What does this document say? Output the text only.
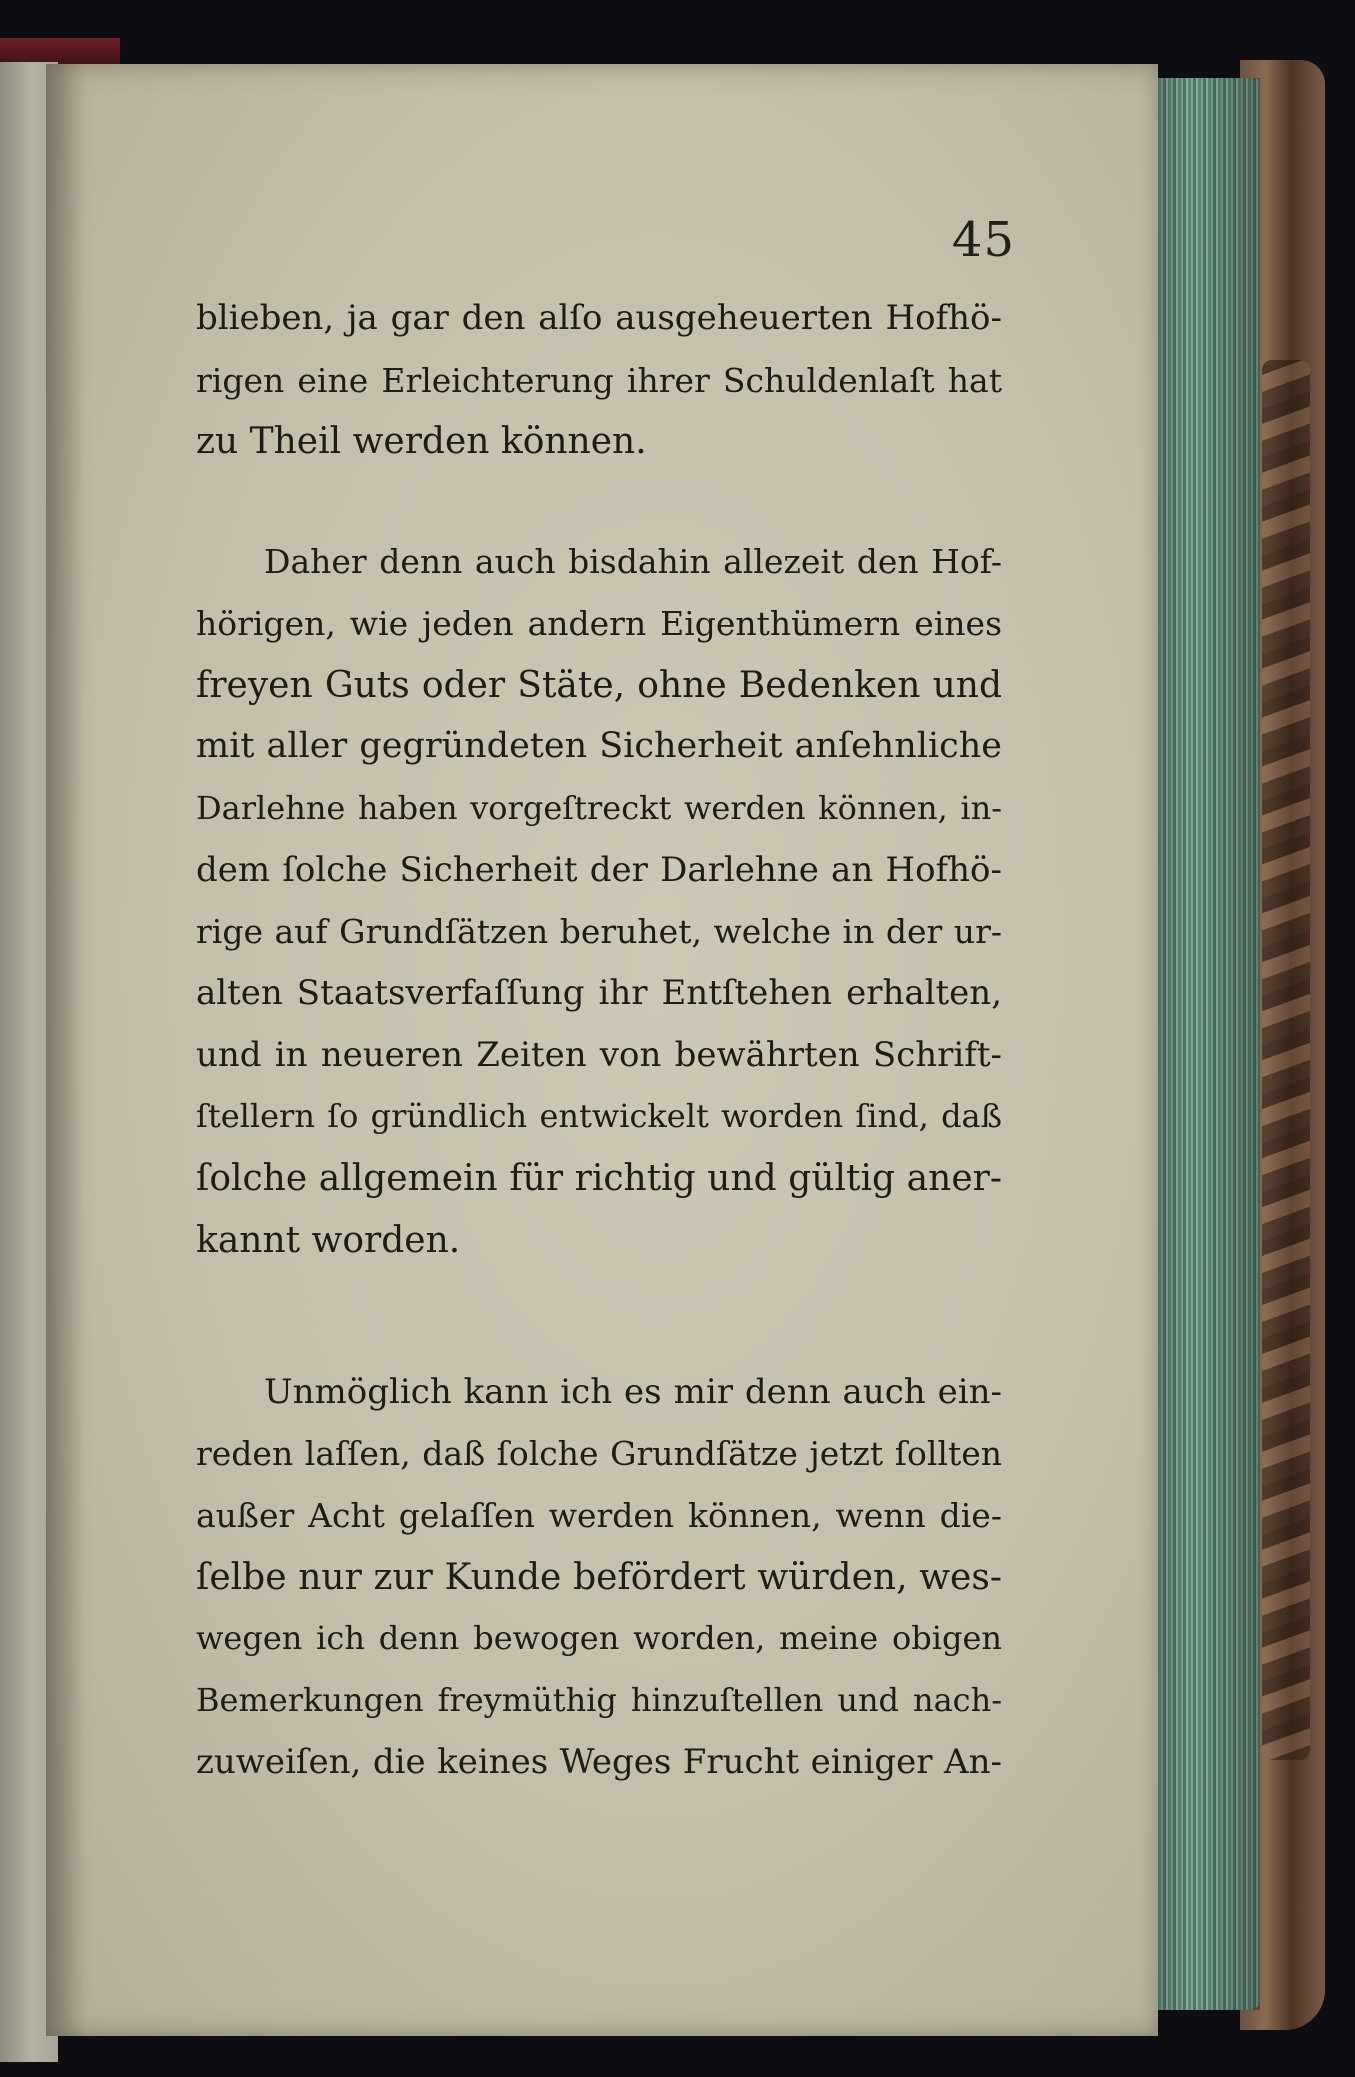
45
blieben, ja gar den alſo ausgeheuerten Hofhö-
rigen eine Erleichterung ihrer Schuldenlaſt hat
zu Theil werden können.
Daher denn auch bisdahin allezeit den Hof-
hörigen, wie jeden andern Eigenthümern eines
freyen Guts oder Stäte, ohne Bedenken und
mit aller gegründeten Sicherheit anſehnliche
Darlehne haben vorgeſtreckt werden können, in-
dem ſolche Sicherheit der Darlehne an Hofhö-
rige auf Grundſätzen beruhet, welche in der ur-
alten Staatsverfaſſung ihr Entſtehen erhalten,
und in neueren Zeiten von bewährten Schrift-
ſtellern ſo gründlich entwickelt worden ſind, daß
ſolche allgemein für richtig und gültig aner-
kannt worden.
Unmöglich kann ich es mir denn auch ein-
reden laſſen, daß ſolche Grundſätze jetzt ſollten
außer Acht gelaſſen werden können, wenn die-
ſelbe nur zur Kunde befördert würden, wes-
wegen ich denn bewogen worden, meine obigen
Bemerkungen freymüthig hinzuſtellen und nach-
zuweiſen, die keines Weges Frucht einiger An-
